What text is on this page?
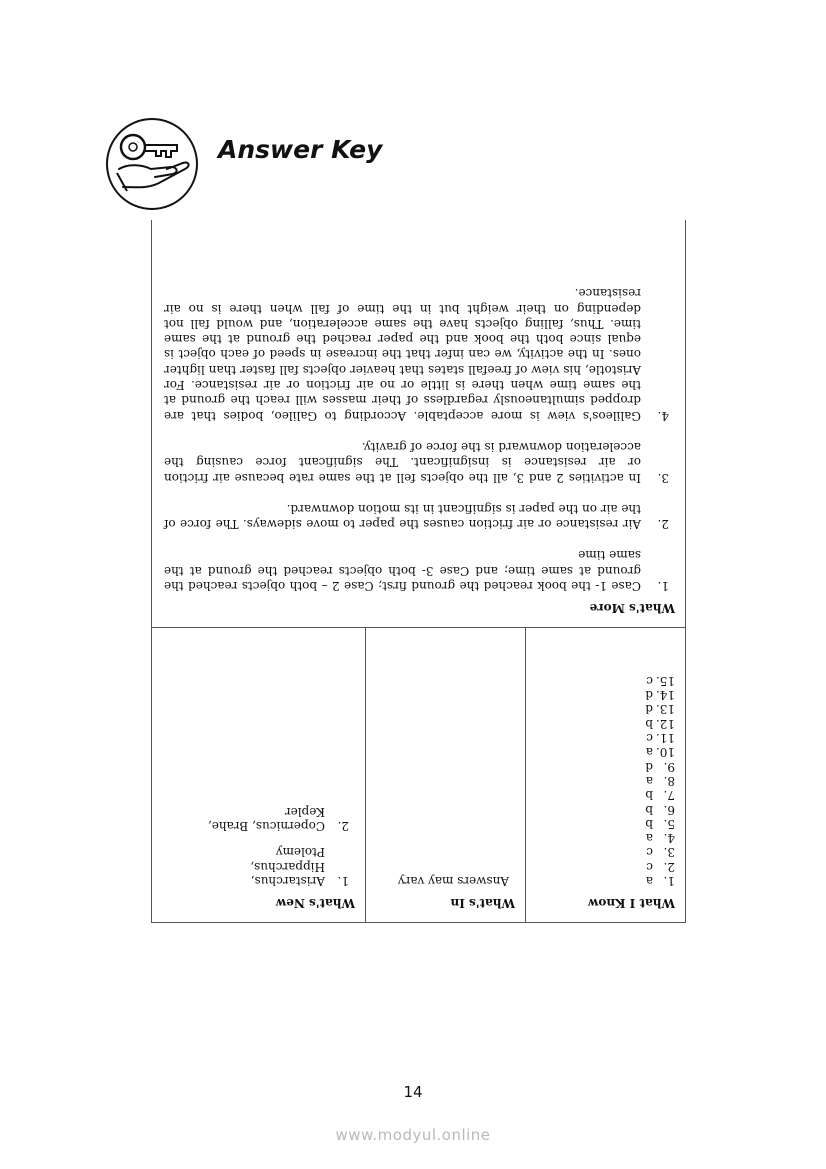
Answer Key
What I Know
1.a
2.c
3.c
4.a
5.b
6.b
7.b
8.a
9.d
10.a
11.c
12.b
13.d
14.d
15.c
What's In
Answers may vary
What's New
1.
Aristarchus, Hipparchus, Ptolemy
2.
Copernicus, Brahe, Kepler
What's More
1.
Case 1- the book reached the ground first; Case 2 – both objects reached the ground at same time; and Case 3- both objects reached the ground at the same time
2.
Air resistance or air friction causes the paper to move sideways. The force of the air on the paper is significant in its motion downward.
3.
In activities 2 and 3, all the objects fell at the same rate because air friction or air resistance is insignificant. The significant force causing the acceleration downward is the force of gravity.
4.
Galileos's view is more acceptable. According to Galileo, bodies that are dropped simultaneously regardless of their masses will reach the ground at the same time when there is little or no air friction or air resistance. For Aristotle, his view of freefall states that heavier objects fall faster than lighter ones. In the activity, we can infer that the increase in speed of each object is equal since both the book and the paper reached the ground at the same time. Thus, falling objects have the same acceleration, and would fall not depending on their weight but in the time of fall when there is no air resistance.
14
www.modyul.online
